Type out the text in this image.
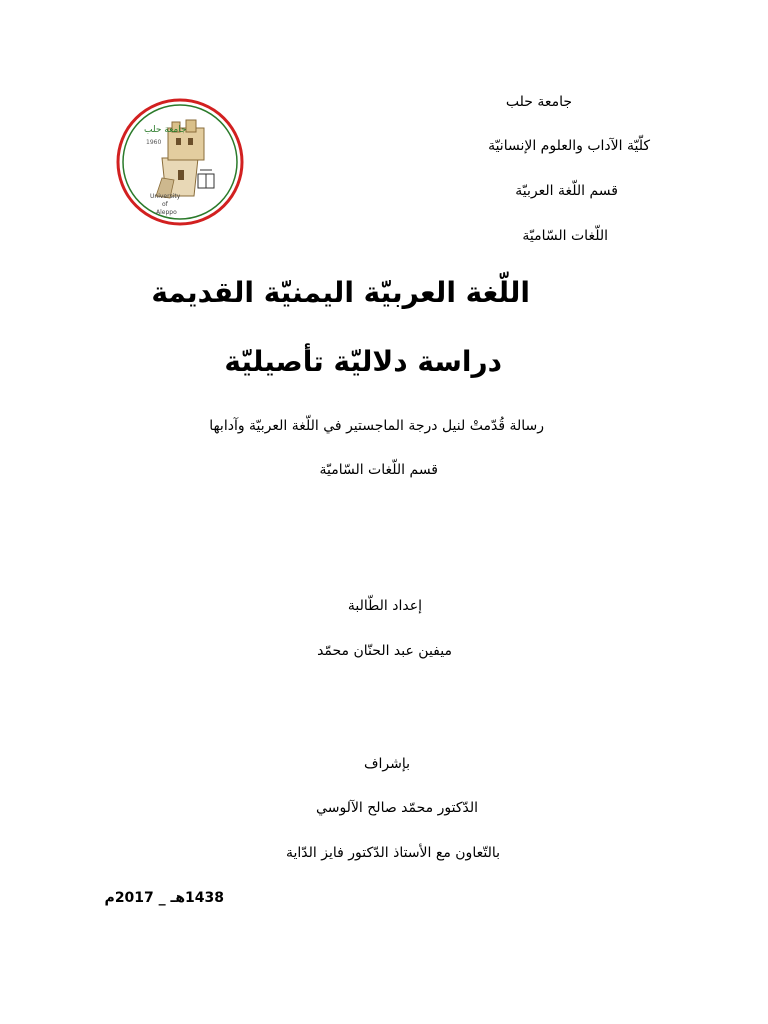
جامعة حلب
1960
University
of
Aleppo
جامعة حلب
كلّيّة الآداب والعلوم الإنسانيّة
قسم اللّغة العربيّة
اللّغات السّاميّة
اللّغة العربيّة اليمنيّة القديمة
دراسة دلاليّة تأصيليّة
رسالة قُدّمتْ لنيل درجة الماجستير في اللّغة العربيّة وآدابها
قسم اللّغات السّاميّة
إعداد الطّالبة
ميفين عبد الحنّان محمّد
بإشراف
الدّكتور محمّد صالح الآلوسي
بالتّعاون مع الأستاذ الدّكتور فايز الدّاية
1438هـ _ 2017م
